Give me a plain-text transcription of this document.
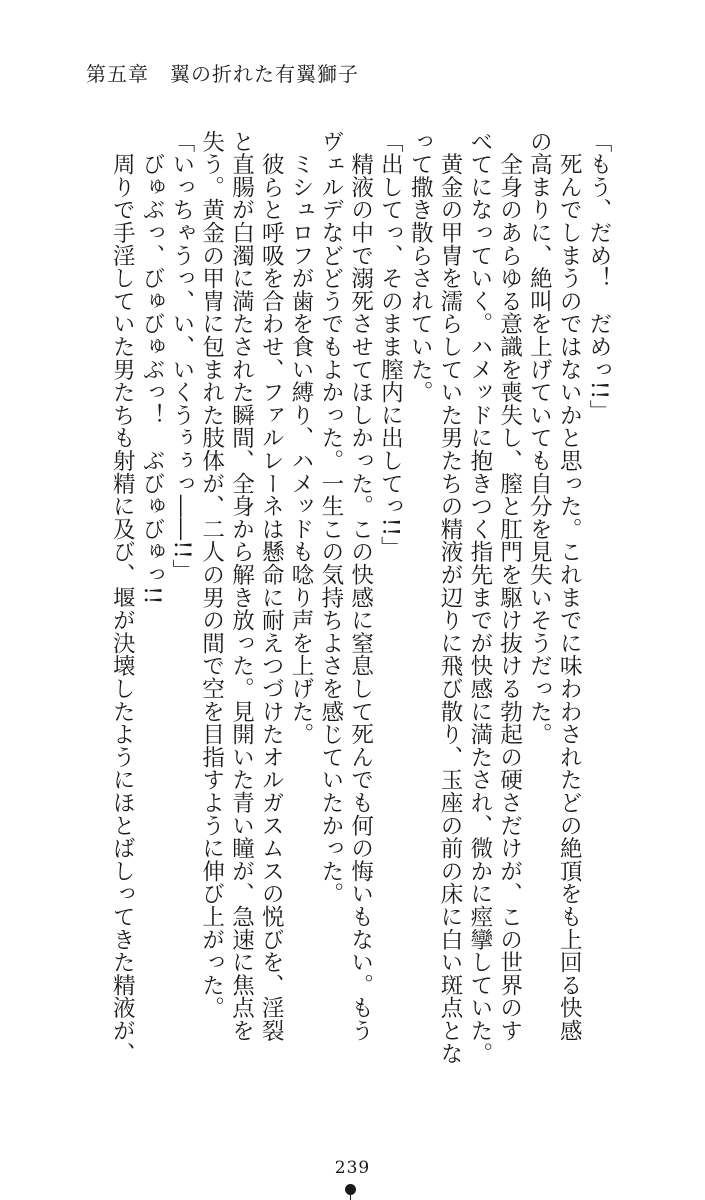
第五章　翼の折れた有翼獅子
「もう、だめ！　だめっ!!」
　死んでしまうのではないかと思った。これまでに味わわされたどの絶頂をも上回る快感
の高まりに、絶叫を上げていても自分を見失いそうだった。
　全身のあらゆる意識を喪失し、膣と肛門を駆け抜ける勃起の硬さだけが、この世界のす
べてになっていく。ハメッドに抱きつく指先までが快感に満たされ、微かに痙攣していた。
　黄金の甲冑を濡らしていた男たちの精液が辺りに飛び散り、玉座の前の床に白い斑点とな
って撒き散らされていた。
「出してっ、そのまま膣内に出してっ!!」
　精液の中で溺死させてほしかった。この快感に窒息して死んでも何の悔いもない。もう
ヴェルデなどどうでもよかった。一生この気持ちよさを感じていたかった。
　ミシュロフが歯を食い縛り、ハメッドも唸り声を上げた。
　彼らと呼吸を合わせ、ファルレーネは懸命に耐えつづけたオルガスムスの悦びを、淫裂
と直腸が白濁に満たされた瞬間、全身から解き放った。見開いた青い瞳が、急速に焦点を
失う。黄金の甲冑に包まれた肢体が、二人の男の間で空を目指すように伸び上がった。
「いっちゃうっ、い、いくうぅぅっ――!!」
　びゅぶっ、びゅびゅぶっ！　ぶびゅびゅっ!!
　周りで手淫していた男たちも射精に及び、堰が決壊したようにほとばしってきた精液が、
239
